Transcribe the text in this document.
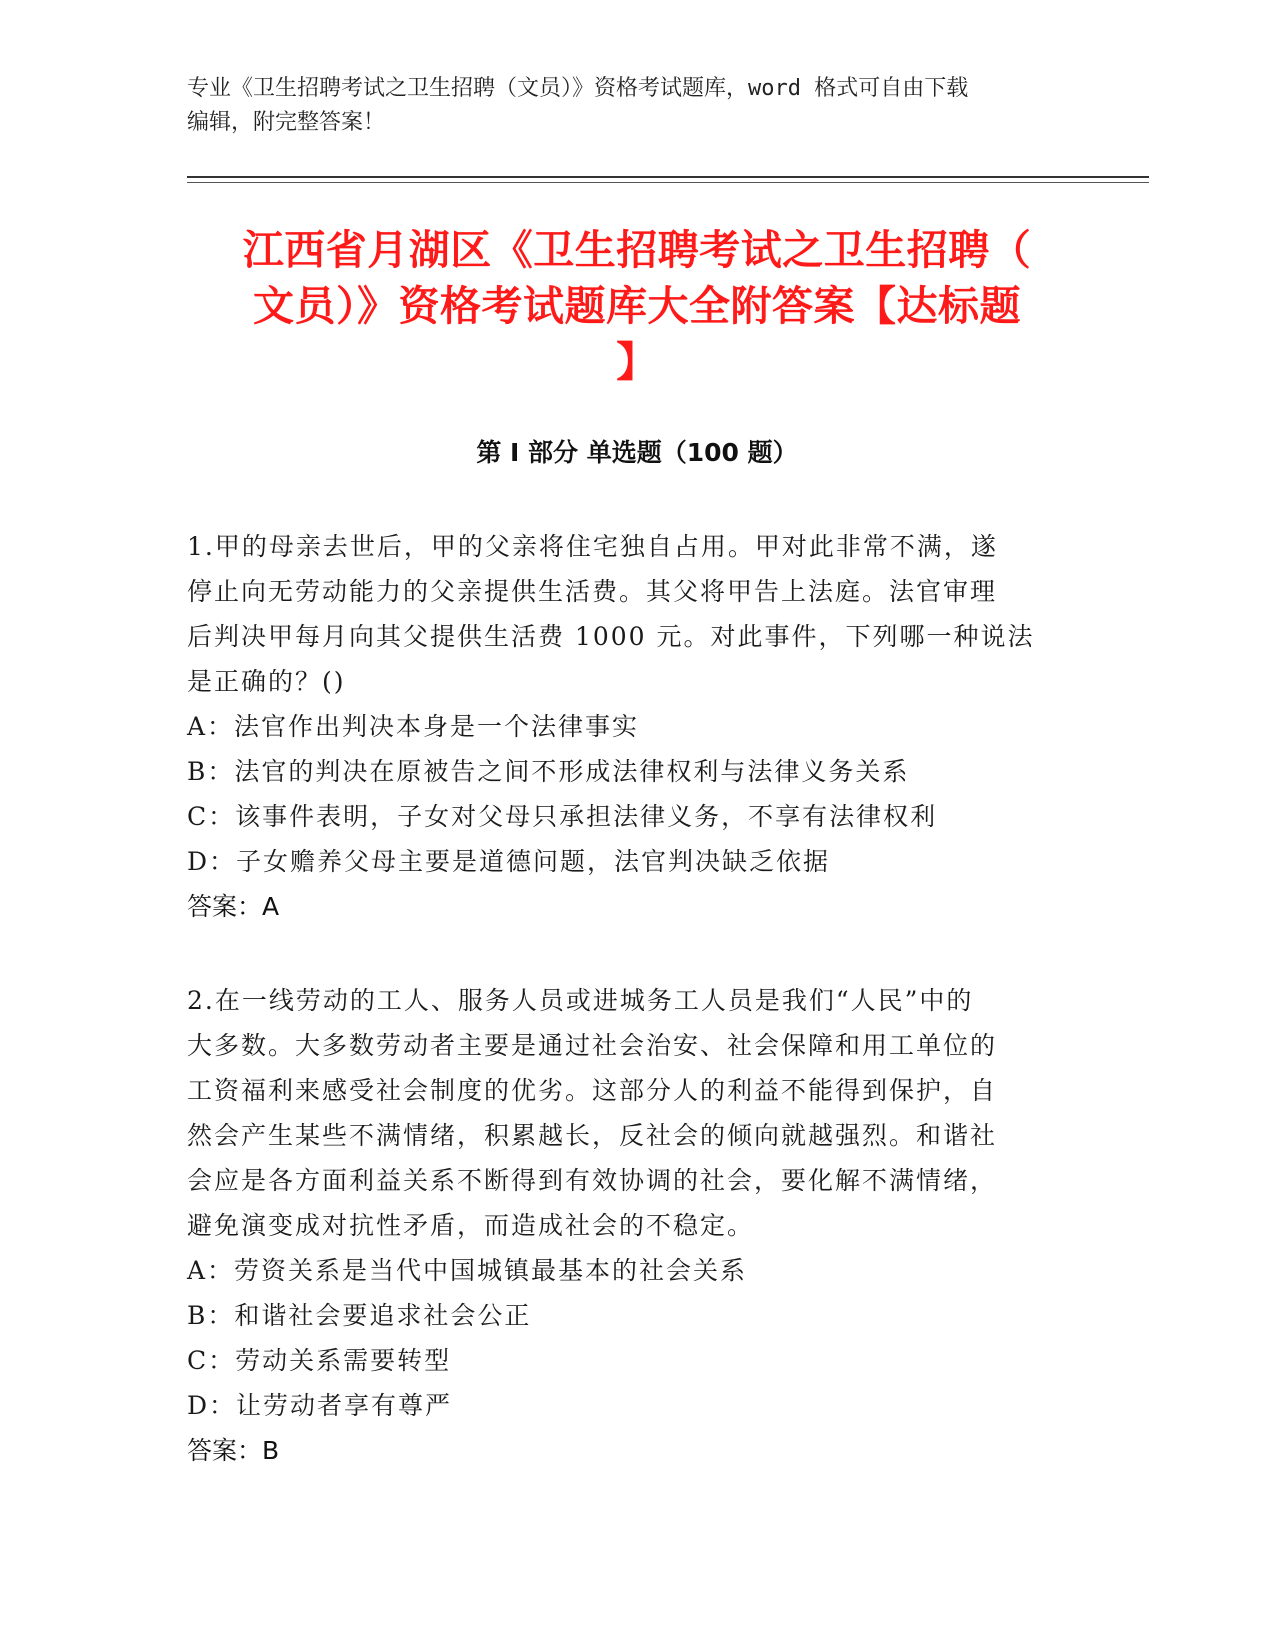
专业《卫生招聘考试之卫生招聘（文员）》资格考试题库，word 格式可自由下载

编辑，附完整答案！

江西省月湖区《卫生招聘考试之卫生招聘（
文员）》资格考试题库大全附答案【达标题
】
第 I 部分 单选题（100 题）

1.甲的母亲去世后，甲的父亲将住宅独自占用。甲对此非常不满，遂

停止向无劳动能力的父亲提供生活费。其父将甲告上法庭。法官审理

后判决甲每月向其父提供生活费 1000 元。对此事件，下列哪一种说法

是正确的？()

A：法官作出判决本身是一个法律事实

B：法官的判决在原被告之间不形成法律权利与法律义务关系

C：该事件表明，子女对父母只承担法律义务，不享有法律权利

D：子女赡养父母主要是道德问题，法官判决缺乏依据

答案：A

2.在一线劳动的工人、服务人员或进城务工人员是我们“人民”中的

大多数。大多数劳动者主要是通过社会治安、社会保障和用工单位的

工资福利来感受社会制度的优劣。这部分人的利益不能得到保护，自

然会产生某些不满情绪，积累越长，反社会的倾向就越强烈。和谐社

会应是各方面利益关系不断得到有效协调的社会，要化解不满情绪，

避免演变成对抗性矛盾，而造成社会的不稳定。

A：劳资关系是当代中国城镇最基本的社会关系

B：和谐社会要追求社会公正

C：劳动关系需要转型

D：让劳动者享有尊严

答案：B
